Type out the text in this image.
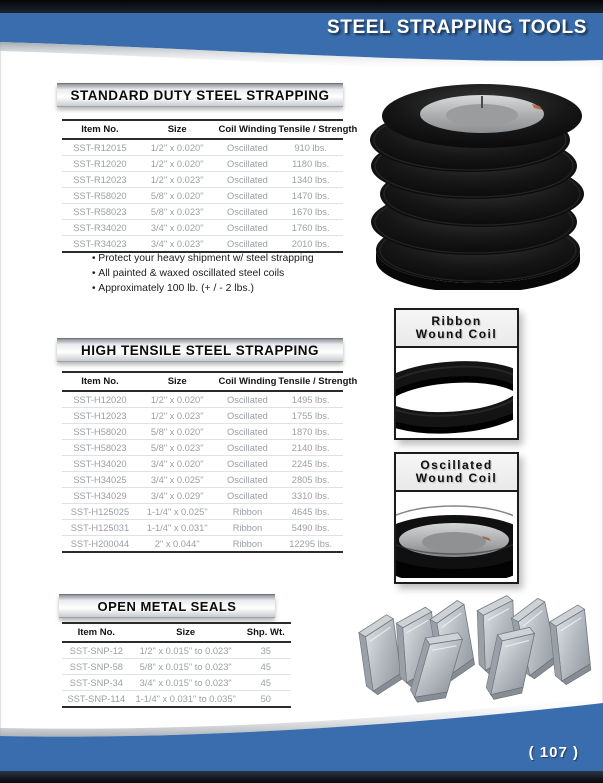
STEEL STRAPPING TOOLS
STANDARD DUTY STEEL STRAPPING
Item No.	Size	Coil Winding	Tensile / Strength
SST-R12015	1/2" x 0.020"	Oscillated	910 lbs.
SST-R12020	1/2" x 0.020"	Oscillated	1180 lbs.
SST-R12023	1/2" x 0.023"	Oscillated	1340 lbs.
SST-R58020	5/8" x 0.020"	Oscillated	1470 lbs.
SST-R58023	5/8" x 0.023"	Oscillated	1670 lbs.
SST-R34020	3/4" x 0.020"	Oscillated	1760 lbs.
SST-R34023	3/4" x 0.023"	Oscillated	2010 lbs.
• Protect your heavy shipment w/ steel strapping
• All painted & waxed oscillated steel coils
• Approximately 100 lb. (+ / - 2 lbs.)
HIGH TENSILE STEEL STRAPPING
Item No.	Size	Coil Winding	Tensile / Strength
SST-H12020	1/2" x 0.020"	Oscillated	1495 lbs.
SST-H12023	1/2" x 0.023"	Oscillated	1755 lbs.
SST-H58020	5/8" x 0.020"	Oscillated	1870 lbs.
SST-H58023	5/8" x 0.023"	Oscillated	2140 lbs.
SST-H34020	3/4" x 0.020"	Oscillated	2245 lbs.
SST-H34025	3/4" x 0.025"	Oscillated	2805 lbs.
SST-H34029	3/4" x 0.029"	Oscillated	3310 lbs.
SST-H125025	1-1/4" x 0.025"	Ribbon	4645 lbs.
SST-H125031	1-1/4" x 0.031"	Ribbon	5490 lbs.
SST-H200044	2" x 0.044"	Ribbon	12295 lbs.
OPEN METAL SEALS
Item No.	Size	Shp. Wt.
SST-SNP-12	1/2" x 0.015" to 0.023"	35
SST-SNP-58	5/8" x 0.015" to 0.023"	45
SST-SNP-34	3/4" x 0.015" to 0.023"	45
SST-SNP-114	1-1/4" x 0.031" to 0.035"	50
Ribbon
Wound Coil
Oscillated
Wound Coil
( 107 )
